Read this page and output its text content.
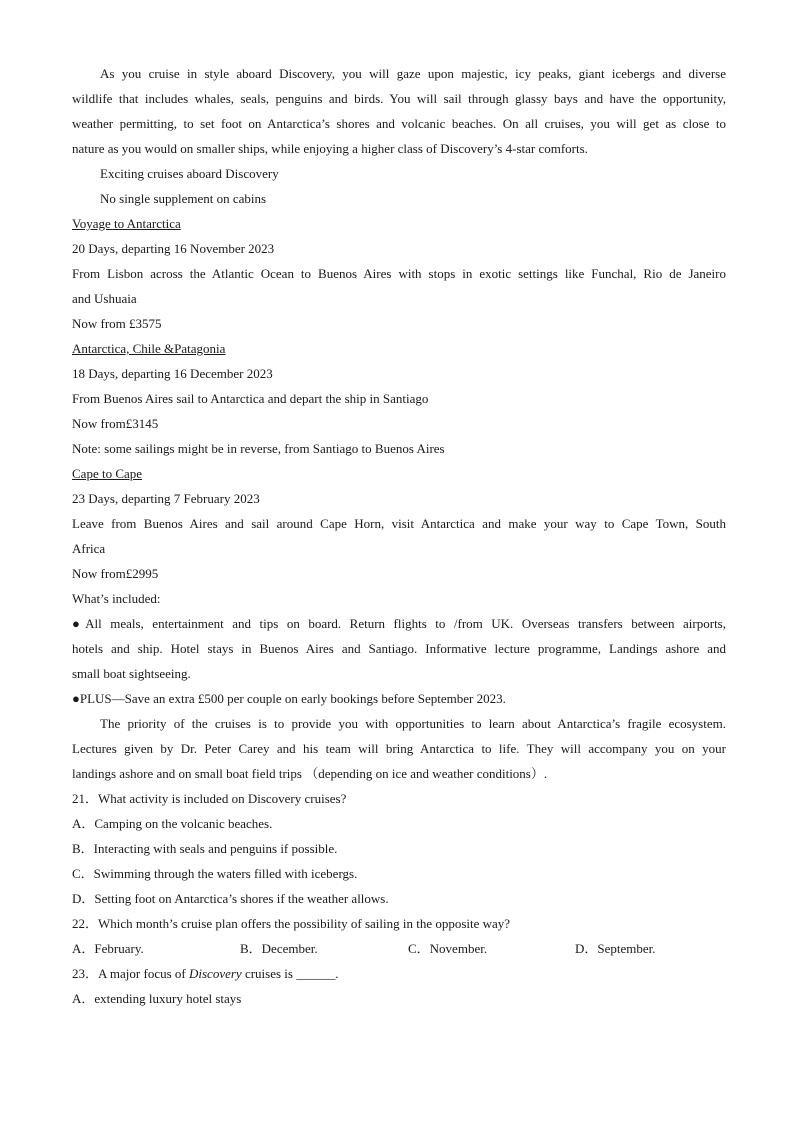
As you cruise in style aboard Discovery, you will gaze upon majestic, icy peaks, giant icebergs and diverse
wildlife that includes whales, seals, penguins and birds. You will sail through glassy bays and have the opportunity,
weather permitting, to set foot on Antarctica’s shores and volcanic beaches. On all cruises, you will get as close to
nature as you would on smaller ships, while enjoying a higher class of Discovery’s 4-star comforts.
Exciting cruises aboard Discovery
No single supplement on cabins
Voyage to Antarctica
20 Days, departing 16 November 2023
From Lisbon across the Atlantic Ocean to Buenos Aires with stops in exotic settings like Funchal, Rio de Janeiro
and Ushuaia
Now from £3575
Antarctica, Chile &Patagonia
18 Days, departing 16 December 2023
From Buenos Aires sail to Antarctica and depart the ship in Santiago
Now from£3145
Note: some sailings might be in reverse, from Santiago to Buenos Aires
Cape to Cape
23 Days, departing 7 February 2023
Leave from Buenos Aires and sail around Cape Horn, visit Antarctica and make your way to Cape Town, South
Africa
Now from£2995
What’s included:
●All meals, entertainment and tips on board. Return flights to /from UK. Overseas transfers between airports,
hotels and ship. Hotel stays in Buenos Aires and Santiago. Informative lecture programme, Landings ashore and
small boat sightseeing.
●PLUS—Save an extra £500 per couple on early bookings before September 2023.
The priority of the cruises is to provide you with opportunities to learn about Antarctica’s fragile ecosystem.
Lectures given by Dr. Peter Carey and his team will bring Antarctica to life. They will accompany you on your
landings ashore and on small boat field trips （depending on ice and weather conditions）.
21．What activity is included on Discovery cruises?
A．Camping on the volcanic beaches.
B．Interacting with seals and penguins if possible.
C．Swimming through the waters filled with icebergs.
D．Setting foot on Antarctica’s shores if the weather allows.
22．Which month’s cruise plan offers the possibility of sailing in the opposite way?
A．February.	B．December.	C．November.	D．September.
23．A major focus of Discovery cruises is ______.
A．extending luxury hotel stays
